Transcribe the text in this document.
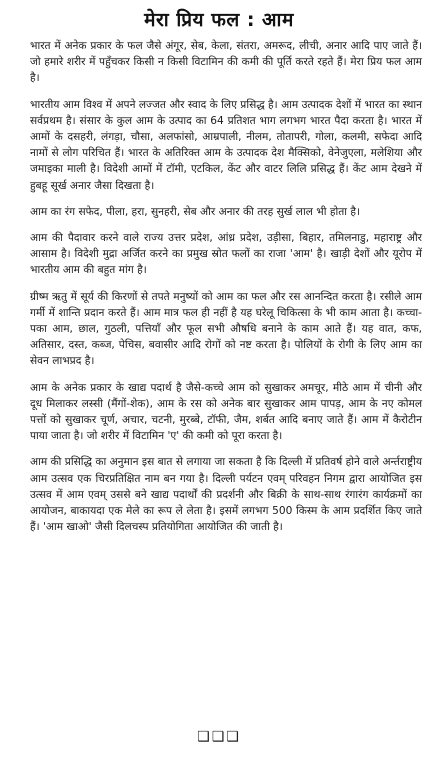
मेरा प्रिय फल : आम

भारत में अनेक प्रकार के फल जैसे अंगूर, सेब, केला, संतरा, अमरूद, लीची, अनार आदि पाए जाते हैं। जो हमारे शरीर में पहुँचकर किसी न किसी विटामिन की कमी की पूर्ति करते रहते हैं। मेरा प्रिय फल आम है।

भारतीय आम विश्व में अपने लज्जत और स्वाद के लिए प्रसिद्ध है। आम उत्पादक देशों में भारत का स्थान सर्वप्रथम है। संसार के कुल आम के उत्पाद का 64 प्रतिशत भाग लगभग भारत पैदा करता है। भारत में आमों के दसहरी, लंगड़ा, चौसा, अलफांसो, आम्रपाली, नीलम, तोतापरी, गोला, कलमी, सफेदा आदि नामों से लोग परिचित हैं। भारत के अतिरिक्त आम के उत्पादक देश मैक्सिको, वेनेजुएला, मलेशिया और जमाइका माली है। विदेशी आमों में टॉमी, एटकिल, केंट और वाटर लिलि प्रसिद्ध हैं। केंट आम देखने में हुबहू सूर्ख अनार जैसा दिखता है।

आम का रंग सफेद, पीला, हरा, सुनहरी, सेब और अनार की तरह सुर्ख लाल भी होता है।

आम की पैदावार करने वाले राज्य उत्तर प्रदेश, आंध्र प्रदेश, उड़ीसा, बिहार, तमिलनाडु, महाराष्ट्र और आसाम है। विदेशी मुद्रा अर्जित करने का प्रमुख स्रोत फलों का राजा 'आम' है। खाड़ी देशों और यूरोप में भारतीय आम की बहुत मांग है।

ग्रीष्म ऋतु में सूर्य की किरणों से तपते मनुष्यों को आम का फल और रस आनन्दित करता है। रसीले आम गर्मी में शान्ति प्रदान करते हैं। आम मात्र फल ही नहीं है यह घरेलू चिकित्सा के भी काम आता है। कच्चा-पका आम, छाल, गुठली, पत्तियाँ और फूल सभी औषधि बनाने के काम आते हैं। यह वात, कफ, अतिसार, दस्त, कब्ज, पेचिस, बवासीर आदि रोगों को नष्ट करता है। पोलियों के रोगी के लिए आम का सेवन लाभप्रद है।

आम के अनेक प्रकार के खाद्य पदार्थ है जैसे-कच्चे आम को सुखाकर अमचूर, मीठे आम में चीनी और दूध मिलाकर लस्सी (मैंगों-शेक), आम के रस को अनेक बार सुखाकर आम पापड़, आम के नए कोमल पत्तों को सुखाकर चूर्ण, अचार, चटनी, मुरब्बे, टॉफी, जैम, शर्बत आदि बनाए जाते हैं। आम में कैरोटीन पाया जाता है। जो शरीर में विटामिन 'ए' की कमी को पूरा करता है।

आम की प्रसिद्धि का अनुमान इस बात से लगाया जा सकता है कि दिल्ली में प्रतिवर्ष होने वाले अर्न्तराष्ट्रीय आम उत्सव एक चिरप्रतिक्षित नाम बन गया है। दिल्ली पर्यटन एवम् परिवहन निगम द्वारा आयोजित इस उत्सव में आम एवम् उससे बने खाद्य पदार्थों की प्रदर्शनी और बिक्री के साथ-साथ रंगारंग कार्यक्रमों का आयोजन, बाकायदा एक मेले का रूप ले लेता है। इसमें लगभग 500 किस्म के आम प्रदर्शित किए जाते हैं। 'आम खाओ' जैसी दिलचस्प प्रतियोगिता आयोजित की जाती है।

❑❑❑
